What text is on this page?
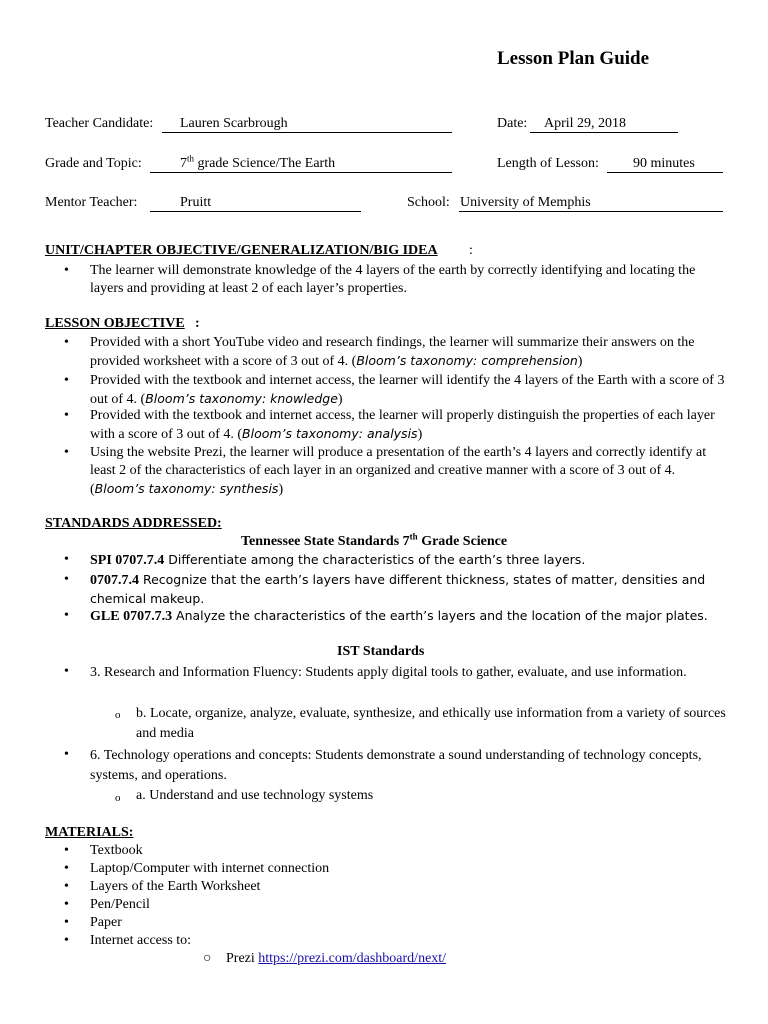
Lesson Plan Guide
Teacher Candidate: Lauren Scarbrough	Date: April 29, 2018
Grade and Topic:	7th grade Science/The Earth	Length of Lesson: 90 minutes
Mentor Teacher:	Pruitt	School: University of Memphis
UNIT/CHAPTER OBJECTIVE/GENERALIZATION/BIG IDEA :
• The learner will demonstrate knowledge of the 4 layers of the earth by correctly identifying and locating the layers and providing at least 2 of each layer’s properties.
LESSON OBJECTIVE :
• Provided with a short YouTube video and research findings, the learner will summarize their answers on the provided worksheet with a score of 3 out of 4. (Bloom’s taxonomy: comprehension)
• Provided with the textbook and internet access, the learner will identify the 4 layers of the Earth with a score of 3 out of 4. (Bloom’s taxonomy: knowledge)
• Provided with the textbook and internet access, the learner will properly distinguish the properties of each layer with a score of 3 out of 4. (Bloom’s taxonomy: analysis)
• Using the website Prezi, the learner will produce a presentation of the earth’s 4 layers and correctly identify at least 2 of the characteristics of each layer in an organized and creative manner with a score of 3 out of 4. (Bloom’s taxonomy: synthesis)
STANDARDS ADDRESSED:
Tennessee State Standards 7th Grade Science
• SPI 0707.7.4 Differentiate among the characteristics of the earth’s three layers.
• 0707.7.4 Recognize that the earth’s layers have different thickness, states of matter, densities and chemical makeup.
• GLE 0707.7.3 Analyze the characteristics of the earth’s layers and the location of the major plates.
IST Standards
• 3. Research and Information Fluency: Students apply digital tools to gather, evaluate, and use information.
o b. Locate, organize, analyze, evaluate, synthesize, and ethically use information from a variety of sources and media
• 6. Technology operations and concepts: Students demonstrate a sound understanding of technology concepts, systems, and operations.
o a. Understand and use technology systems
MATERIALS:
• Textbook
• Laptop/Computer with internet connection
• Layers of the Earth Worksheet
• Pen/Pencil
• Paper
• Internet access to:
○ Prezi https://prezi.com/dashboard/next/
